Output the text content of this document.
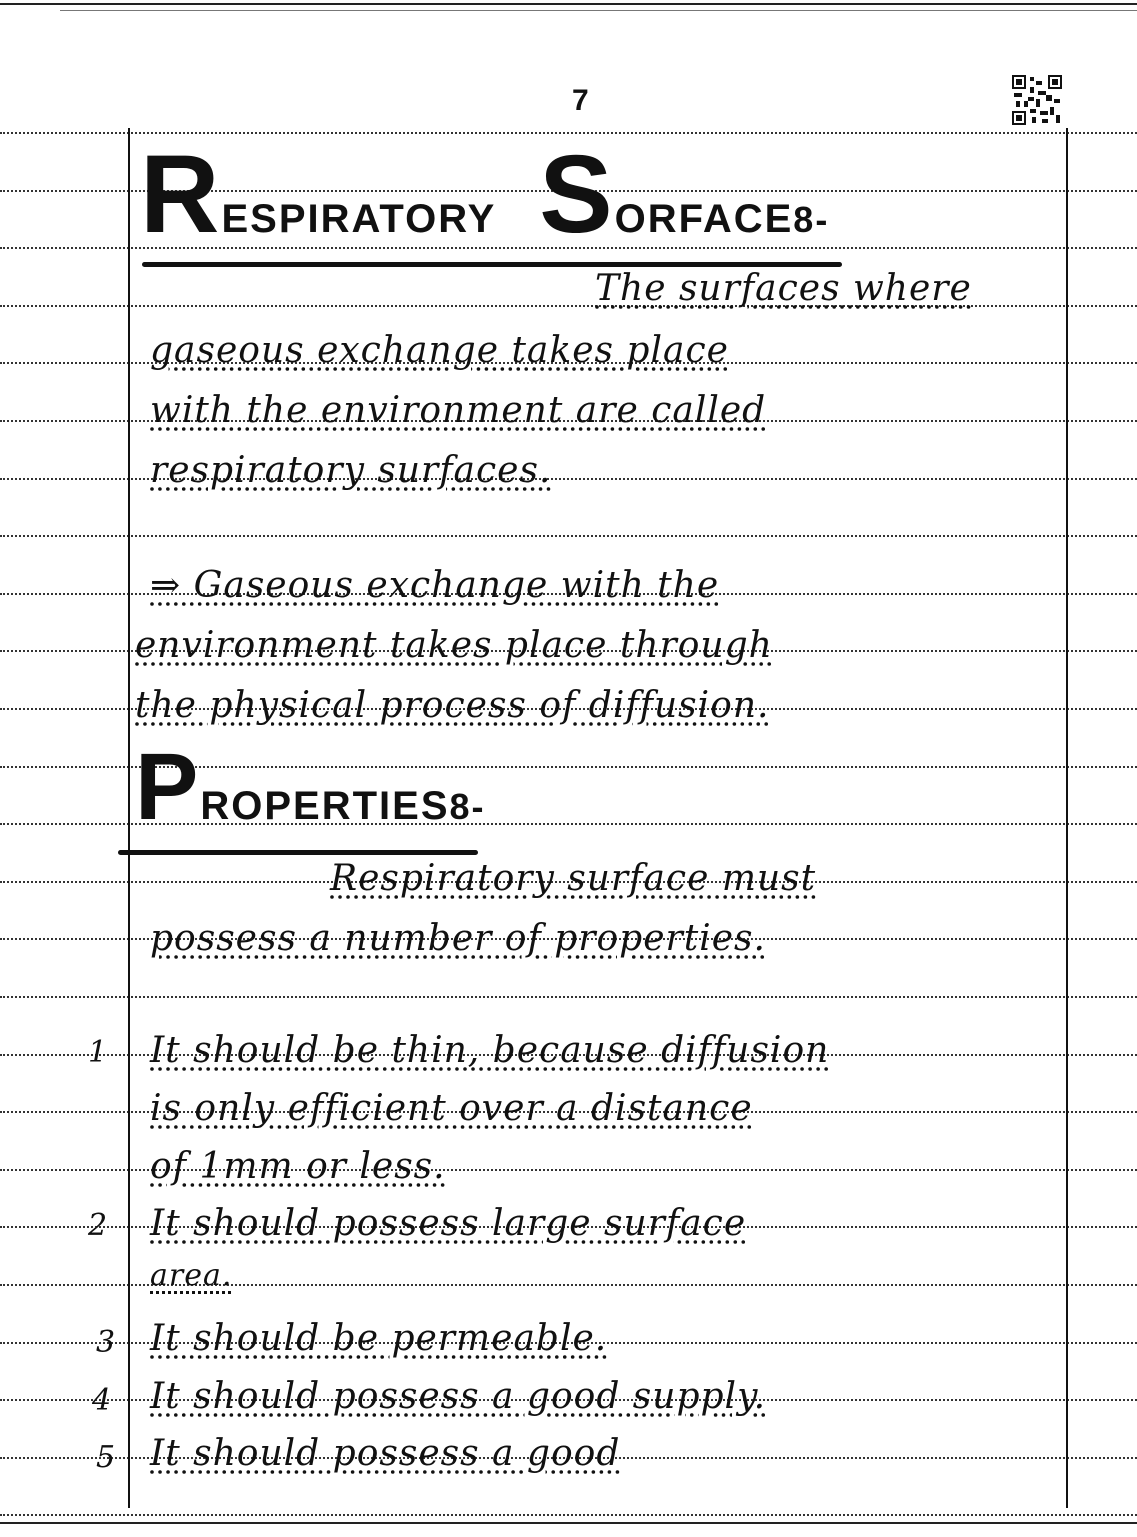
7
RESPIRATORY SORFACE8-
The surfaces where
gaseous exchange takes place
with the environment are called
respiratory surfaces.
⇒ Gaseous exchange with the
environment takes place through
the physical process of diffusion.
PROPERTIES8-
Respiratory surface must
possess a number of properties.
1 It should be thin, because diffusion
is only efficient over a distance
of 1mm or less.
2 It should possess large surface
area.
3 It should be permeable.
4 It should possess a good supply.
5 It should possess a good
